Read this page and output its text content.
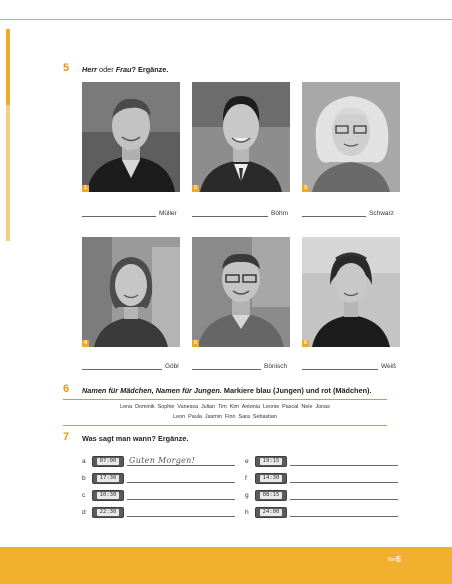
5 Herr oder Frau? Ergänze.
1	2	3
Müller	Böhm	Schwarz
4	5	6
Göbl	Bönisch	Weiß
6 Namen für Mädchen, Namen für Jungen. Markiere blau (Jungen) und rot (Mädchen).
Lena Dominik Sophie Vanessa Julian Tim Kim Antonia Leonie Pascal Nele Jonas
Leon Paula Jasmin Finn Sara Sebastian
7 Was sagt man wann? Ergänze.
a	07:00	Guten Morgen!
b	17:30
c	10:30
d	22:30
e	19:15
f	14:30
g	08:15
h	24:00
fünf 5
